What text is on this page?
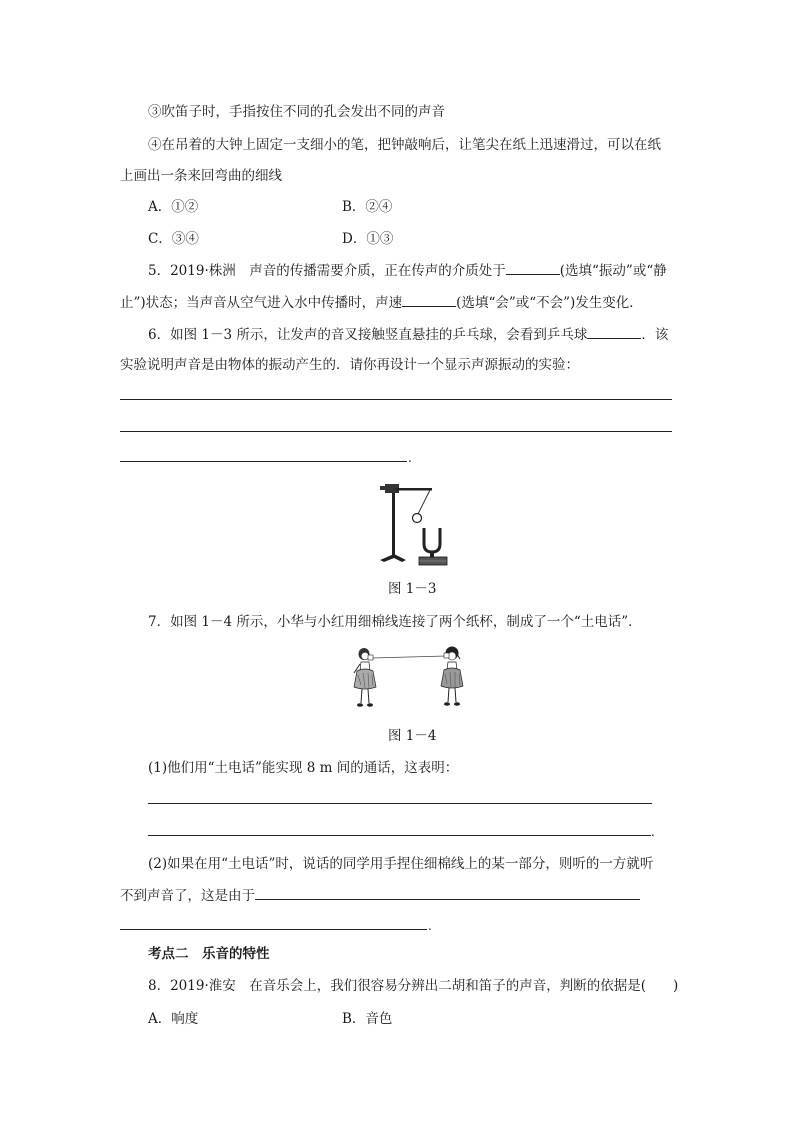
③吹笛子时，手指按住不同的孔会发出不同的声音
④在吊着的大钟上固定一支细小的笔，把钟敲响后，让笔尖在纸上迅速滑过，可以在纸
上画出一条来回弯曲的细线
A．①②	B．②④
C．③④	D．①③
5．2019·株洲　声音的传播需要介质，正在传声的介质处于	(选填“振动”或“静
止”)状态；当声音从空气进入水中传播时，声速	(选填“会”或“不会”)发生变化．
6．如图 1－3 所示，让发声的音叉接触竖直悬挂的乒乓球，会看到乒乓球	．该
实验说明声音是由物体的振动产生的．请你再设计一个显示声源振动的实验：
.
图 1－3
7．如图 1－4 所示，小华与小红用细棉线连接了两个纸杯，制成了一个“土电话”．
图 1－4
(1)他们用“土电话”能实现 8 m 间的通话，这表明：
.
(2)如果在用“土电话”时，说话的同学用手捏住细棉线上的某一部分，则听的一方就听
不到声音了，这是由于
.
考点二　乐音的特性
8．2019·淮安　在音乐会上，我们很容易分辨出二胡和笛子的声音，判断的依据是(　　)
A．响度	B．音色
